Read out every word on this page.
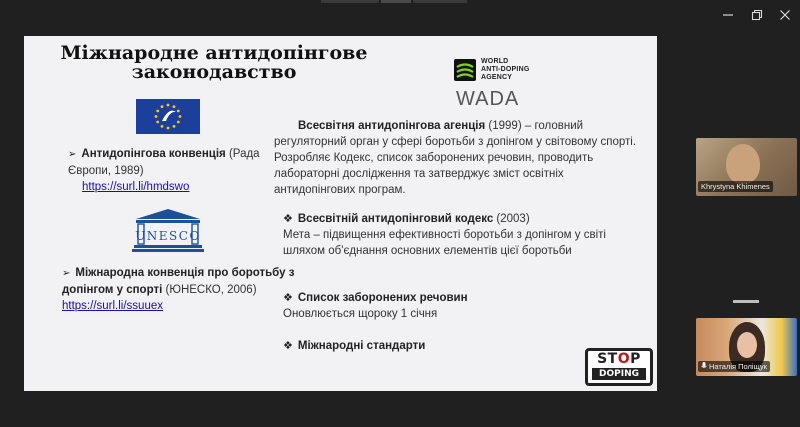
Міжнародне антидопінгове законодавство
➢ Антидопінгова конвенція (Рада Європи, 1989)

https://surl.li/hmdswo
UNESCO
➢ Міжнародна конвенція про боротьбу з допінгом у спорті (ЮНЕСКО, 2006) https://surl.li/ssuuex
WORLD
ANTI-DOPING
AGENCY
WADA
Всесвітня антидопінгова агенція (1999) – головний регуляторний орган у сфері боротьби з допінгом у світовому спорті. Розробляє Кодекс, список заборонених речовин, проводить лабораторні дослідження та затверджує зміст освітніх антидопінгових програм.
❖ Всесвітній антидопінговий кодекс (2003)
Мета – підвищення ефективності боротьби з допінгом у світі шляхом об'єднання основних елементів цієї боротьби
❖ Список заборонених речовин
Оновлюється щороку 1 січня
❖ Міжнародні стандарти
STOP
DOPING
Khrystyna Khimenes
Наталія Поліщук
